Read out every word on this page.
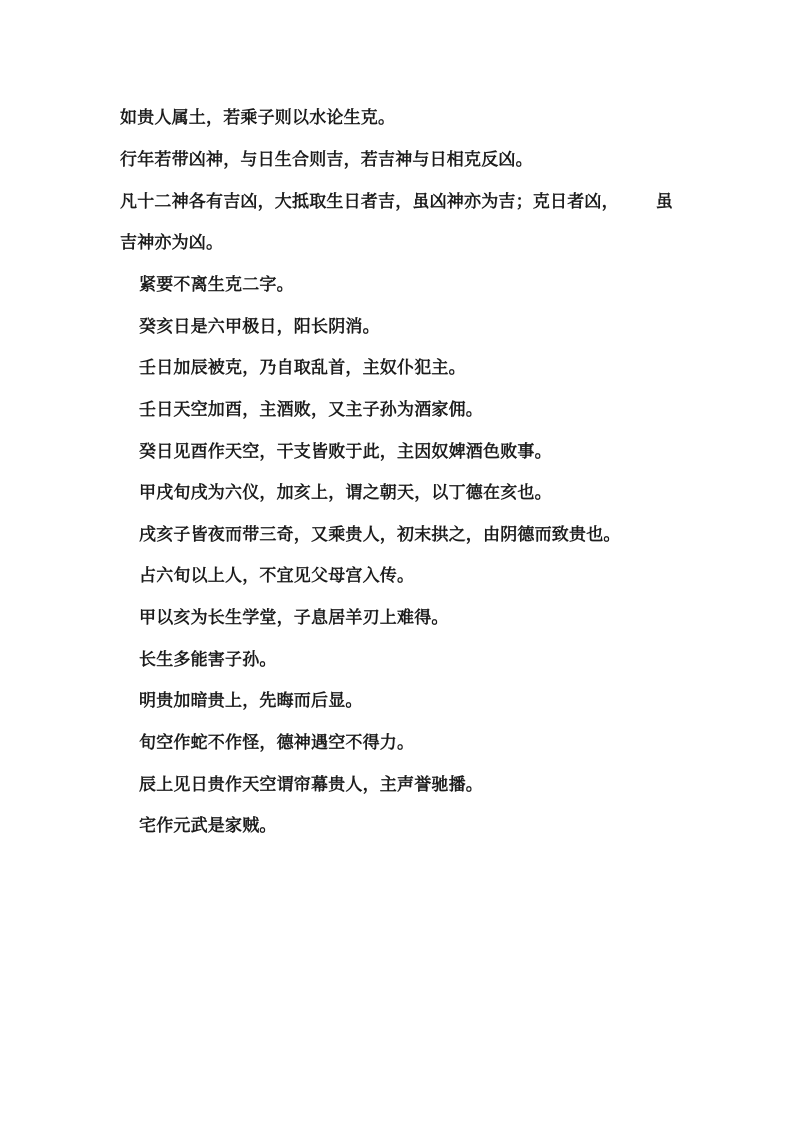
如贵人属土，若乘子则以水论生克。
行年若带凶神，与日生合则吉，若吉神与日相克反凶。
凡十二神各有吉凶，大抵取生日者吉，虽凶神亦为吉；克日者凶， 虽
吉神亦为凶。
紧要不离生克二字。
癸亥日是六甲极日，阳长阴消。
壬日加辰被克，乃自取乱首，主奴仆犯主。
壬日天空加酉，主酒败，又主子孙为酒家佣。
癸日见酉作天空，干支皆败于此，主因奴婢酒色败事。
甲戌旬戌为六仪，加亥上，谓之朝天，以丁德在亥也。
戌亥子皆夜而带三奇，又乘贵人，初末拱之，由阴德而致贵也。
占六旬以上人，不宜见父母宫入传。
甲以亥为长生学堂，子息居羊刃上难得。
长生多能害子孙。
明贵加暗贵上，先晦而后显。
旬空作蛇不作怪，德神遇空不得力。
辰上见日贵作天空谓帘幕贵人，主声誉驰播。
宅作元武是家贼。
